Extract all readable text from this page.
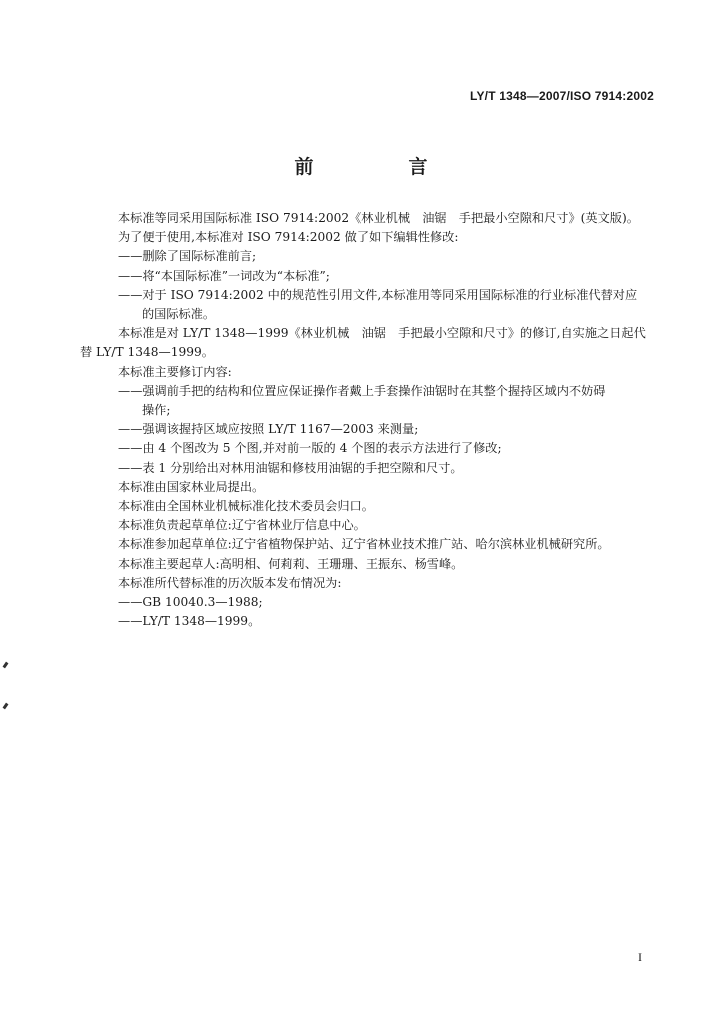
LY/T 1348—2007/ISO 7914:2002
前　言

本标准等同采用国际标准 ISO 7914:2002《林业机械　油锯　手把最小空隙和尺寸》(英文版)。

为了便于使用,本标准对 ISO 7914:2002 做了如下编辑性修改:

——删除了国际标准前言;

——将“本国际标准”一词改为“本标准”;

——对于 ISO 7914:2002 中的规范性引用文件,本标准用等同采用国际标准的行业标准代替对应

的国际标准。

本标准是对 LY/T 1348—1999《林业机械　油锯　手把最小空隙和尺寸》的修订,自实施之日起代

替 LY/T 1348—1999。

本标准主要修订内容:

——强调前手把的结构和位置应保证操作者戴上手套操作油锯时在其整个握持区域内不妨碍

操作;

——强调该握持区域应按照 LY/T 1167—2003 来测量;

——由 4 个图改为 5 个图,并对前一版的 4 个图的表示方法进行了修改;

——表 1 分别给出对林用油锯和修枝用油锯的手把空隙和尺寸。

本标准由国家林业局提出。

本标准由全国林业机械标准化技术委员会归口。

本标准负责起草单位:辽宁省林业厅信息中心。

本标准参加起草单位:辽宁省植物保护站、辽宁省林业技术推广站、哈尔滨林业机械研究所。

本标准主要起草人:高明相、何莉莉、王珊珊、王振东、杨雪峰。

本标准所代替标准的历次版本发布情况为:

——GB 10040.3—1988;

——LY/T 1348—1999。

I
